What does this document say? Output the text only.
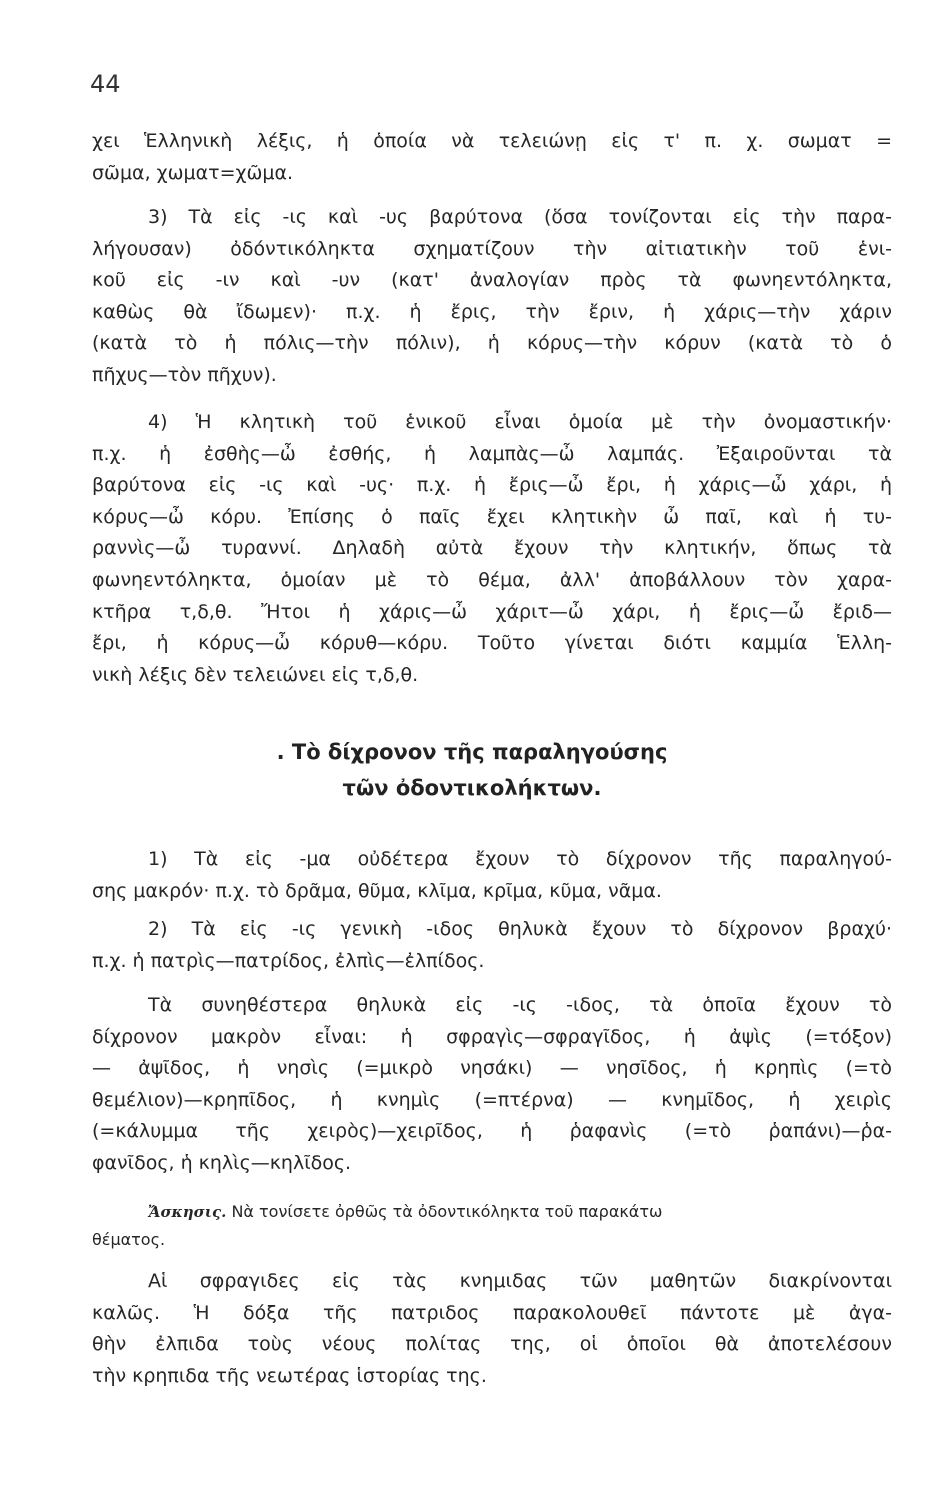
44
χει Ἑλληνικὴ λέξις, ἡ ὁποία νὰ τελειώνῃ εἰς τ' π. χ. σωματ =
σῶμα, χωματ=χῶμα.
3) Τὰ εἰς -ις καὶ -υς βαρύτονα (ὅσα τονίζονται εἰς τὴν παρα-
λήγουσαν) ὀδόντικόληκτα σχηματίζουν τὴν αἰτιατικὴν τοῦ ἑνι-
κοῦ εἰς -ιν καὶ -υν (κατ' ἀναλογίαν πρὸς τὰ φωνηεντόληκτα,
καθὼς θὰ ἴδωμεν)· π.χ. ἡ ἔρις, τὴν ἔριν, ἡ χάρις—τὴν χάριν
(κατὰ τὸ ἡ πόλις—τὴν πόλιν), ἡ κόρυς—τὴν κόρυν (κατὰ τὸ ὁ
πῆχυς—τὸν πῆχυν).
4) Ἡ κλητικὴ τοῦ ἑνικοῦ εἶναι ὁμοία μὲ τὴν ὀνομαστικήν·
π.χ. ἡ ἐσθὴς—ὦ ἐσθής, ἡ λαμπὰς—ὦ λαμπάς. Ἐξαιροῦνται τὰ
βαρύτονα εἰς -ις καὶ -υς· π.χ. ἡ ἔρις—ὦ ἔρι, ἡ χάρις—ὦ χάρι, ἡ
κόρυς—ὦ κόρυ. Ἐπίσης ὁ παῖς ἔχει κλητικὴν ὦ παῖ, καὶ ἡ τυ-
ραννὶς—ὦ τυραννί. Δηλαδὴ αὐτὰ ἔχουν τὴν κλητικήν, ὅπως τὰ
φωνηεντόληκτα, ὁμοίαν μὲ τὸ θέμα, ἀλλ' ἀποβάλλουν τὸν χαρα-
κτῆρα τ,δ,θ. Ἤτοι ἡ χάρις—ὦ χάριτ—ὦ χάρι, ἡ ἔρις—ὦ ἔριδ—
ἔρι, ἡ κόρυς—ὦ κόρυθ—κόρυ. Τοῦτο γίνεται διότι καμμία Ἑλλη-
νικὴ λέξις δὲν τελειώνει εἰς τ,δ,θ.
. Τὸ δίχρονον τῆς παραληγούσης
τῶν ὀδοντικολήκτων.
1) Τὰ εἰς -μα οὐδέτερα ἔχουν τὸ δίχρονον τῆς παραληγού-
σης μακρόν· π.χ. τὸ δρᾶμα, θῦμα, κλῖμα, κρῖμα, κῦμα, νᾶμα.
2) Τὰ εἰς -ις γενικὴ -ιδος θηλυκὰ ἔχουν τὸ δίχρονον βραχύ·
π.χ. ἡ πατρὶς—πατρίδος, ἐλπὶς—ἐλπίδος.
Τὰ συνηθέστερα θηλυκὰ εἰς -ις -ιδος, τὰ ὁποῖα ἔχουν τὸ
δίχρονον μακρὸν εἶναι: ἡ σφραγὶς—σφραγῖδος, ἡ ἀψὶς (=τόξον)
— ἀψῖδος, ἡ νησὶς (=μικρὸ νησάκι) — νησῖδος, ἡ κρηπὶς (=τὸ
θεμέλιον)—κρηπῖδος, ἡ κνημὶς (=πτέρνα) — κνημῖδος, ἡ χειρὶς
(=κάλυμμα τῆς χειρὸς)—χειρῖδος, ἡ ῥαφανὶς (=τὸ ῥαπάνι)—ῥα-
φανῖδος, ἡ κηλὶς—κηλῖδος.
Ἄσκησις. Νὰ τονίσετε ὀρθῶς τὰ ὀδοντικόληκτα τοῦ παρακάτω
θέματος.
Αἱ σφραγιδες εἰς τὰς κνημιδας τῶν μαθητῶν διακρίνονται
καλῶς. Ἡ δόξα τῆς πατριδος παρακολουθεῖ πάντοτε μὲ ἀγα-
θὴν ἐλπιδα τοὺς νέους πολίτας της, οἱ ὁποῖοι θὰ ἀποτελέσουν
τὴν κρηπιδα τῆς νεωτέρας ἱστορίας της.
